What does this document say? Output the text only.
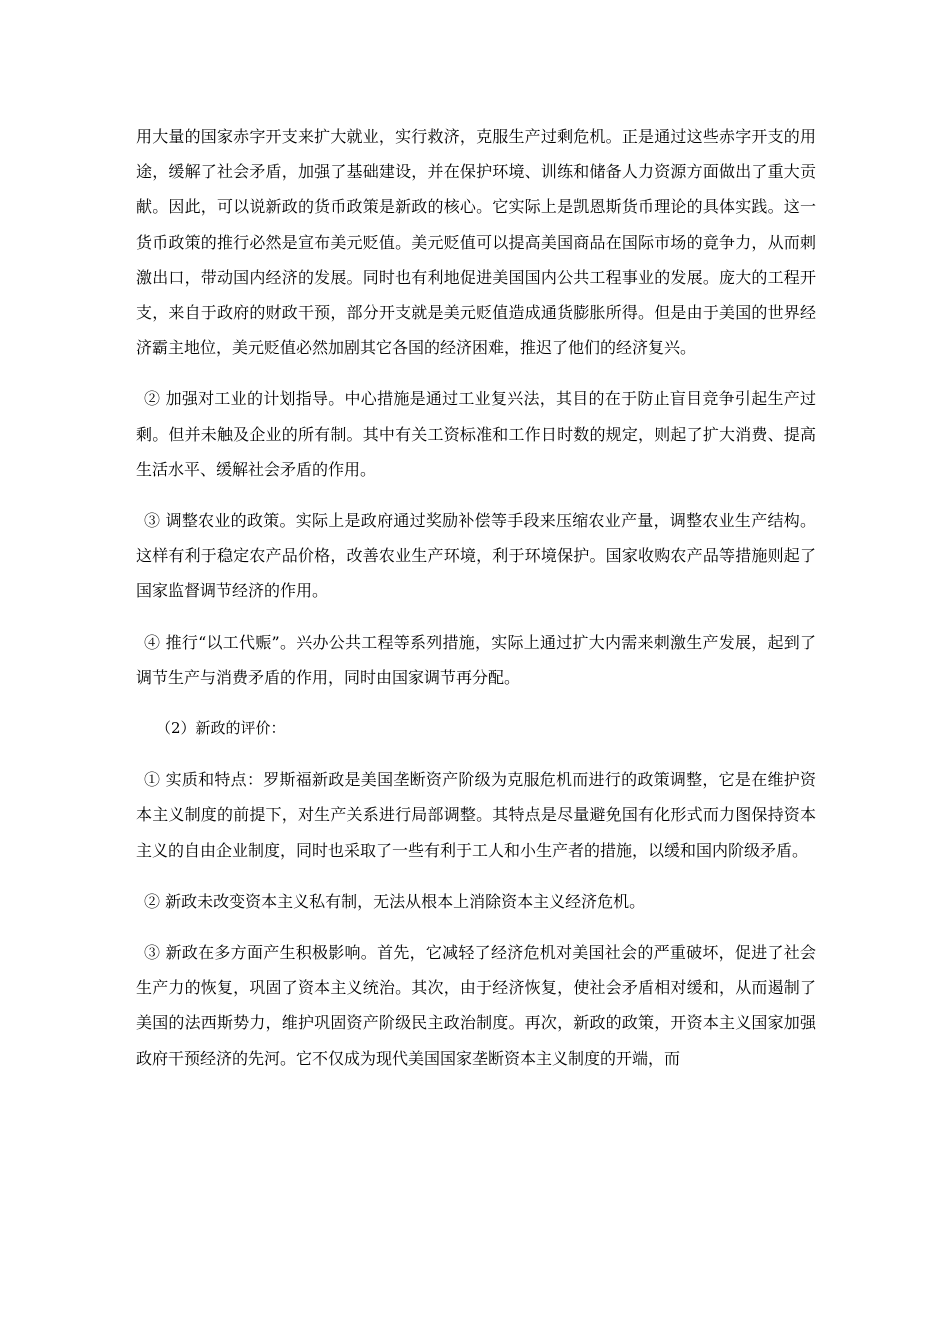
用大量的国家赤字开支来扩大就业，实行救济，克服生产过剩危机。正是通过这些赤字开支的用途，缓解了社会矛盾，加强了基础建设，并在保护环境、训练和储备人力资源方面做出了重大贡献。因此，可以说新政的货币政策是新政的核心。它实际上是凯恩斯货币理论的具体实践。这一货币政策的推行必然是宣布美元贬值。美元贬值可以提高美国商品在国际市场的竟争力，从而刺激出口，带动国内经济的发展。同时也有利地促进美国国内公共工程事业的发展。庞大的工程开支，来自于政府的财政干预，部分开支就是美元贬值造成通货膨胀所得。但是由于美国的世界经济霸主地位，美元贬值必然加剧其它各国的经济困难，推迟了他们的经济复兴。

② 加强对工业的计划指导。中心措施是通过工业复兴法，其目的在于防止盲目竞争引起生产过剩。但并未触及企业的所有制。其中有关工资标准和工作日时数的规定，则起了扩大消费、提高生活水平、缓解社会矛盾的作用。

③ 调整农业的政策。实际上是政府通过奖励补偿等手段来压缩农业产量，调整农业生产结构。这样有利于稳定农产品价格，改善农业生产环境，利于环境保护。国家收购农产品等措施则起了国家监督调节经济的作用。

④ 推行“以工代赈”。兴办公共工程等系列措施，实际上通过扩大内需来刺激生产发展，起到了调节生产与消费矛盾的作用，同时由国家调节再分配。

（2）新政的评价：

① 实质和特点：罗斯福新政是美国垄断资产阶级为克服危机而进行的政策调整，它是在维护资本主义制度的前提下，对生产关系进行局部调整。其特点是尽量避免国有化形式而力图保持资本主义的自由企业制度，同时也采取了一些有利于工人和小生产者的措施，以缓和国内阶级矛盾。

② 新政未改变资本主义私有制，无法从根本上消除资本主义经济危机。

③ 新政在多方面产生积极影响。首先，它减轻了经济危机对美国社会的严重破坏，促进了社会生产力的恢复，巩固了资本主义统治。其次，由于经济恢复，使社会矛盾相对缓和，从而遏制了美国的法西斯势力，维护巩固资产阶级民主政治制度。再次，新政的政策，开资本主义国家加强政府干预经济的先河。它不仅成为现代美国国家垄断资本主义制度的开端，而
